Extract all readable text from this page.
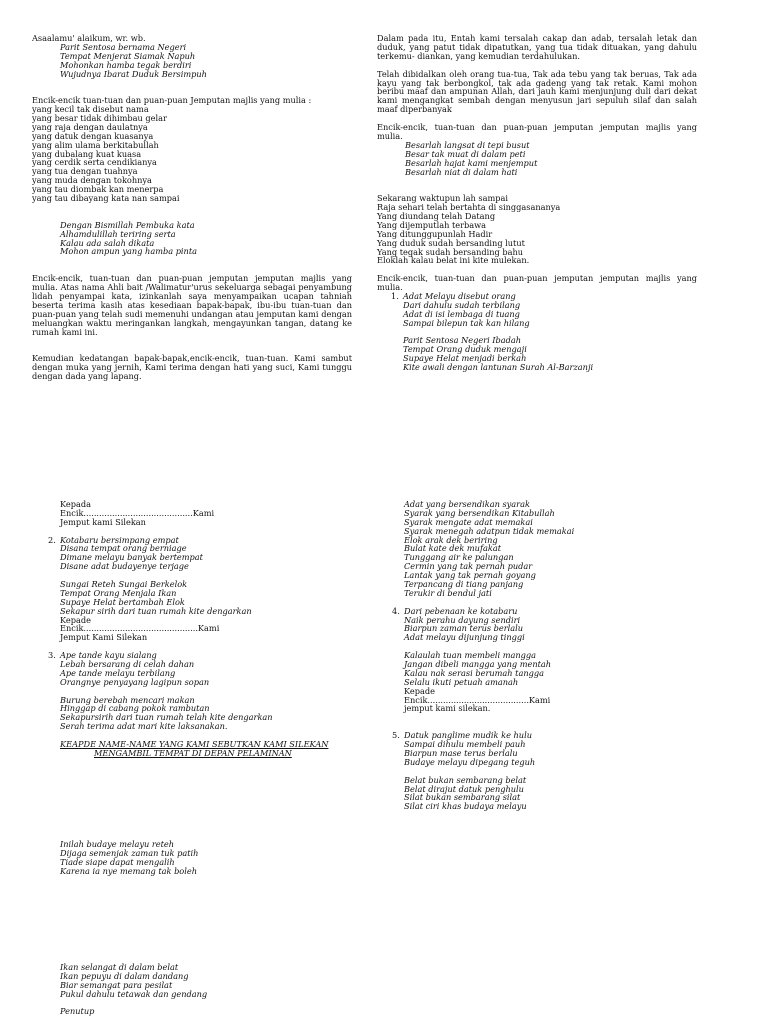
Asaalamu' alaikum, wr. wb.
Parit Sentosa bernama Negeri
Tempat Menjerat Siamak Napuh
Mohonkan hamba tegak berdiri
Wujudnya Ibarat Duduk Bersimpuh
Encik-encik tuan-tuan dan puan-puan Jemputan majlis yang mulia :
yang kecil tak disebut nama
yang besar tidak dihimbau gelar
yang raja dengan daulatnya
yang datuk dengan kuasanya
yang alim ulama berkitabullah
yang dubalang kuat kuasa
yang cerdik serta cendikianya
yang tua dengan tuahnya
yang muda dengan tokohnya
yang tau diombak kan menerpa
yang tau dibayang kata nan sampai
Dengan Bismillah Pembuka kata
Alhamdulillah teriring serta
Kalau ada salah dikata
Mohon ampun yang hamba pinta
Encik-encik, tuan-tuan dan puan-puan jemputan jemputan majlis yang mulia. Atas nama Ahli bait /Walimatur'urus sekeluarga sebagai penyambung lidah penyampai kata, izinkanlah saya menyampaikan ucapan tahniah beserta terima kasih atas kesediaan bapak-bapak, ibu-ibu tuan-tuan dan puan-puan yang telah sudi memenuhi undangan atau jemputan kami dengan meluangkan waktu meringankan langkah, mengayunkan tangan, datang ke rumah kami ini.
Kemudian kedatangan bapak-bapak,encik-encik, tuan-tuan. Kami sambut dengan muka yang jernih, Kami terima dengan hati yang suci, Kami tunggu dengan dada yang lapang.
Dalam pada itu, Entah kami tersalah cakap dan adab, tersalah letak dan duduk, yang patut tidak dipatutkan, yang tua tidak dituakan, yang dahulu terkemu- diankan, yang kemudian terdahulukan.
Telah dibidalkan oleh orang tua-tua, Tak ada tebu yang tak beruas, Tak ada kayu yang tak berbongkol, tak ada gadeng yang tak retak. Kami mohon beribu maaf dan ampunan Allah, dari jauh kami menjunjung duli dari dekat kami mengangkat sembah dengan menyusun jari sepuluh silaf dan salah maaf diperbanyak
Encik-encik, tuan-tuan dan puan-puan jemputan jemputan majlis yang mulia.
Besarlah langsat di tepi busut
Besar tak muat di dalam peti
Besarlah hajat kami menjemput
Besarlah niat di dalam hati
Sekarang waktupun lah sampai
Raja sehari telah bertahta di singgasananya
Yang diundang telah Datang
Yang dijemputlah terbawa
Yang ditunggupunlah Hadir
Yang duduk sudah bersanding lutut
Yang tegak sudah bersanding bahu
Eloklah kalau belat ini kite mulekan.
Encik-encik, tuan-tuan dan puan-puan jemputan jemputan majlis yang mulia.
1. Adat Melayu disebut orang
Dari dahulu sudah terbilang
Adat di isi lembaga di tuang
Sampai bilepun tak kan hilang
Parit Sentosa Negeri Ibadah
Tempat Orang duduk mengaji
Supaye Helat menjadi berkah
Kite awali dengan lantunan Surah Al-Barzanji
Kepada
Encik..........................................Kami
Jemput kami Silekan
2. Kotabaru bersimpang empat
Disana tempat orang berniage
Dimane melayu banyak bertempat
Disane adat budayenye terjage
Sungai Reteh Sungai Berkelok
Tempat Orang Menjala Ikan
Supaye Helat bertambah Elok
Sekapur sirih dari tuan rumah kite dengarkan
Kepade
Encik............................................Kami
Jemput Kami Silekan
3. Ape tande kayu sialang
Lebah bersarang di celah dahan
Ape tande melayu terbilang
Orangnye penyayang lagipun sopan
Burung berebah mencari makan
Hinggap di cabang pokok rambutan
Sekapursirih dari tuan rumah telah kite dengarkan
Serah terima adat mari kite laksanakan.
KEAPDE NAME-NAME YANG KAMI SEBUTKAN KAMI SILEKAN
MENGAMBIL TEMPAT DI DEPAN PELAMINAN
Inilah budaye melayu reteh
Dijaga semenjak zaman tuk patih
Tiade siape dapat mengalih
Karena ia nye memang tak boleh
Ikan selangat di dalam belat
Ikan pepuyu di dalam dandang
Biar semangat para pesilat
Pukul dahulu tetawak dan gendang
Penutup
Adat yang bersendikan syarak
Syarak yang bersendikan Kitabullah
Syarak mengate adat memakai
Syarak menegah adatpun tidak memakai
Elok arak dek beriring
Bulat kate dek mufakat
Tunggang air ke palungan
Cermin yang tak pernah pudar
Lantak yang tak pernah goyang
Terpancang di tiang panjang
Terukir di bendul jati
4. Dari pebenaan ke kotabaru
Naik perahu dayung sendiri
Biarpun zaman terus berlalu
Adat melayu dijunjung tinggi
Kalaulah tuan membeli mangga
Jangan dibeli mangga yang mentah
Kalau nak serasi berumah tangga
Selalu ikuti petuah amanah
Kepade
Encik.......................................Kami
jemput kami silekan.
5. Datuk panglime mudik ke hulu
Sampai dihulu membeli pauh
Biarpun mase terus berlalu
Budaye melayu dipegang teguh
Belat bukan sembarang belat
Belat dirajut datuk penghulu
Silat bukan sembarang silat
Silat ciri khas budaya melayu
